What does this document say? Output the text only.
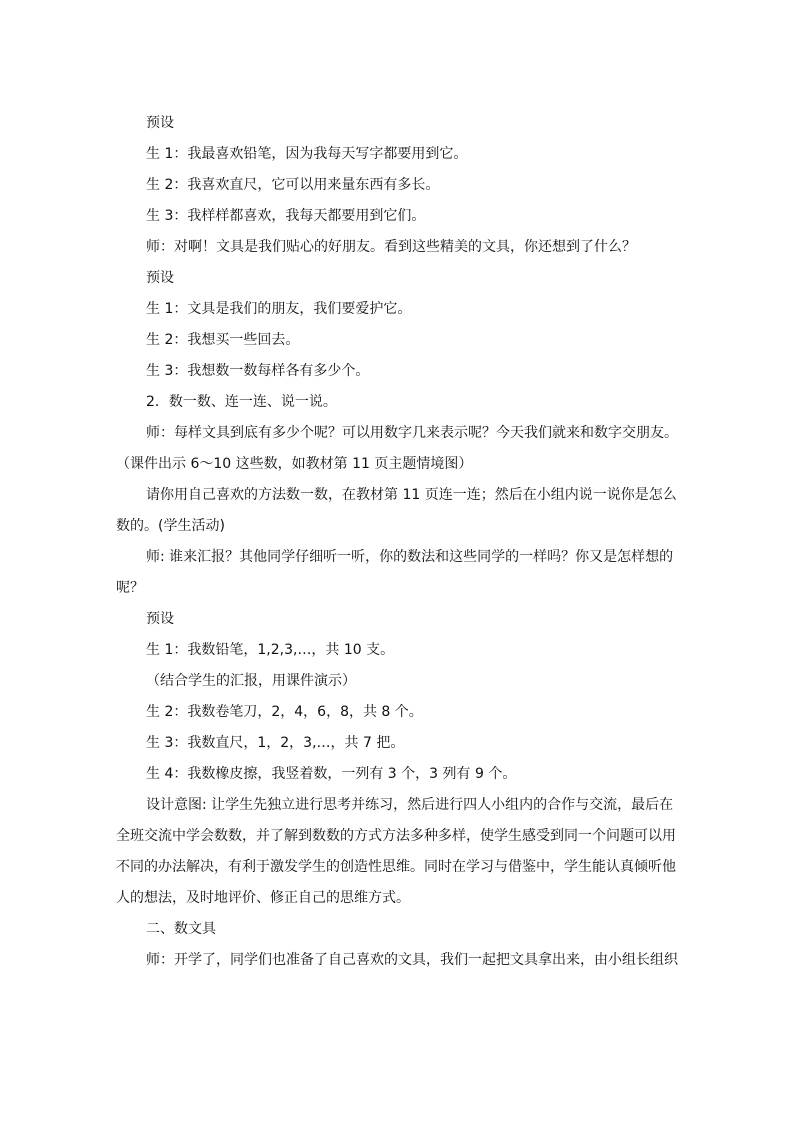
预设
生 1：我最喜欢铅笔，因为我每天写字都要用到它。
生 2：我喜欢直尺，它可以用来量东西有多长。
生 3：我样样都喜欢，我每天都要用到它们。
师：对啊！文具是我们贴心的好朋友。看到这些精美的文具，你还想到了什么？
预设
生 1：文具是我们的朋友，我们要爱护它。
生 2：我想买一些回去。
生 3：我想数一数每样各有多少个。
2．数一数、连一连、说一说。
师：每样文具到底有多少个呢？可以用数字几来表示呢？今天我们就来和数字交朋友。
（课件出示 6～10 这些数，如教材第 11 页主题情境图）
请你用自己喜欢的方法数一数，在教材第 11 页连一连；然后在小组内说一说你是怎么
数的。(学生活动)
师: 谁来汇报？其他同学仔细听一听，你的数法和这些同学的一样吗？你又是怎样想的
呢？
预设
生 1：我数铅笔，1,2,3,…，共 10 支。
（结合学生的汇报，用课件演示）
生 2：我数卷笔刀，2，4，6，8，共 8 个。
生 3：我数直尺，1，2，3,…，共 7 把。
生 4：我数橡皮擦，我竖着数，一列有 3 个，3 列有 9 个。
设计意图: 让学生先独立进行思考并练习，然后进行四人小组内的合作与交流，最后在
全班交流中学会数数，并了解到数数的方式方法多种多样，使学生感受到同一个问题可以用
不同的办法解决，有利于激发学生的创造性思维。同时在学习与借鉴中，学生能认真倾听他
人的想法，及时地评价、修正自己的思维方式。
二、数文具
师：开学了，同学们也准备了自己喜欢的文具，我们一起把文具拿出来，由小组长组织
